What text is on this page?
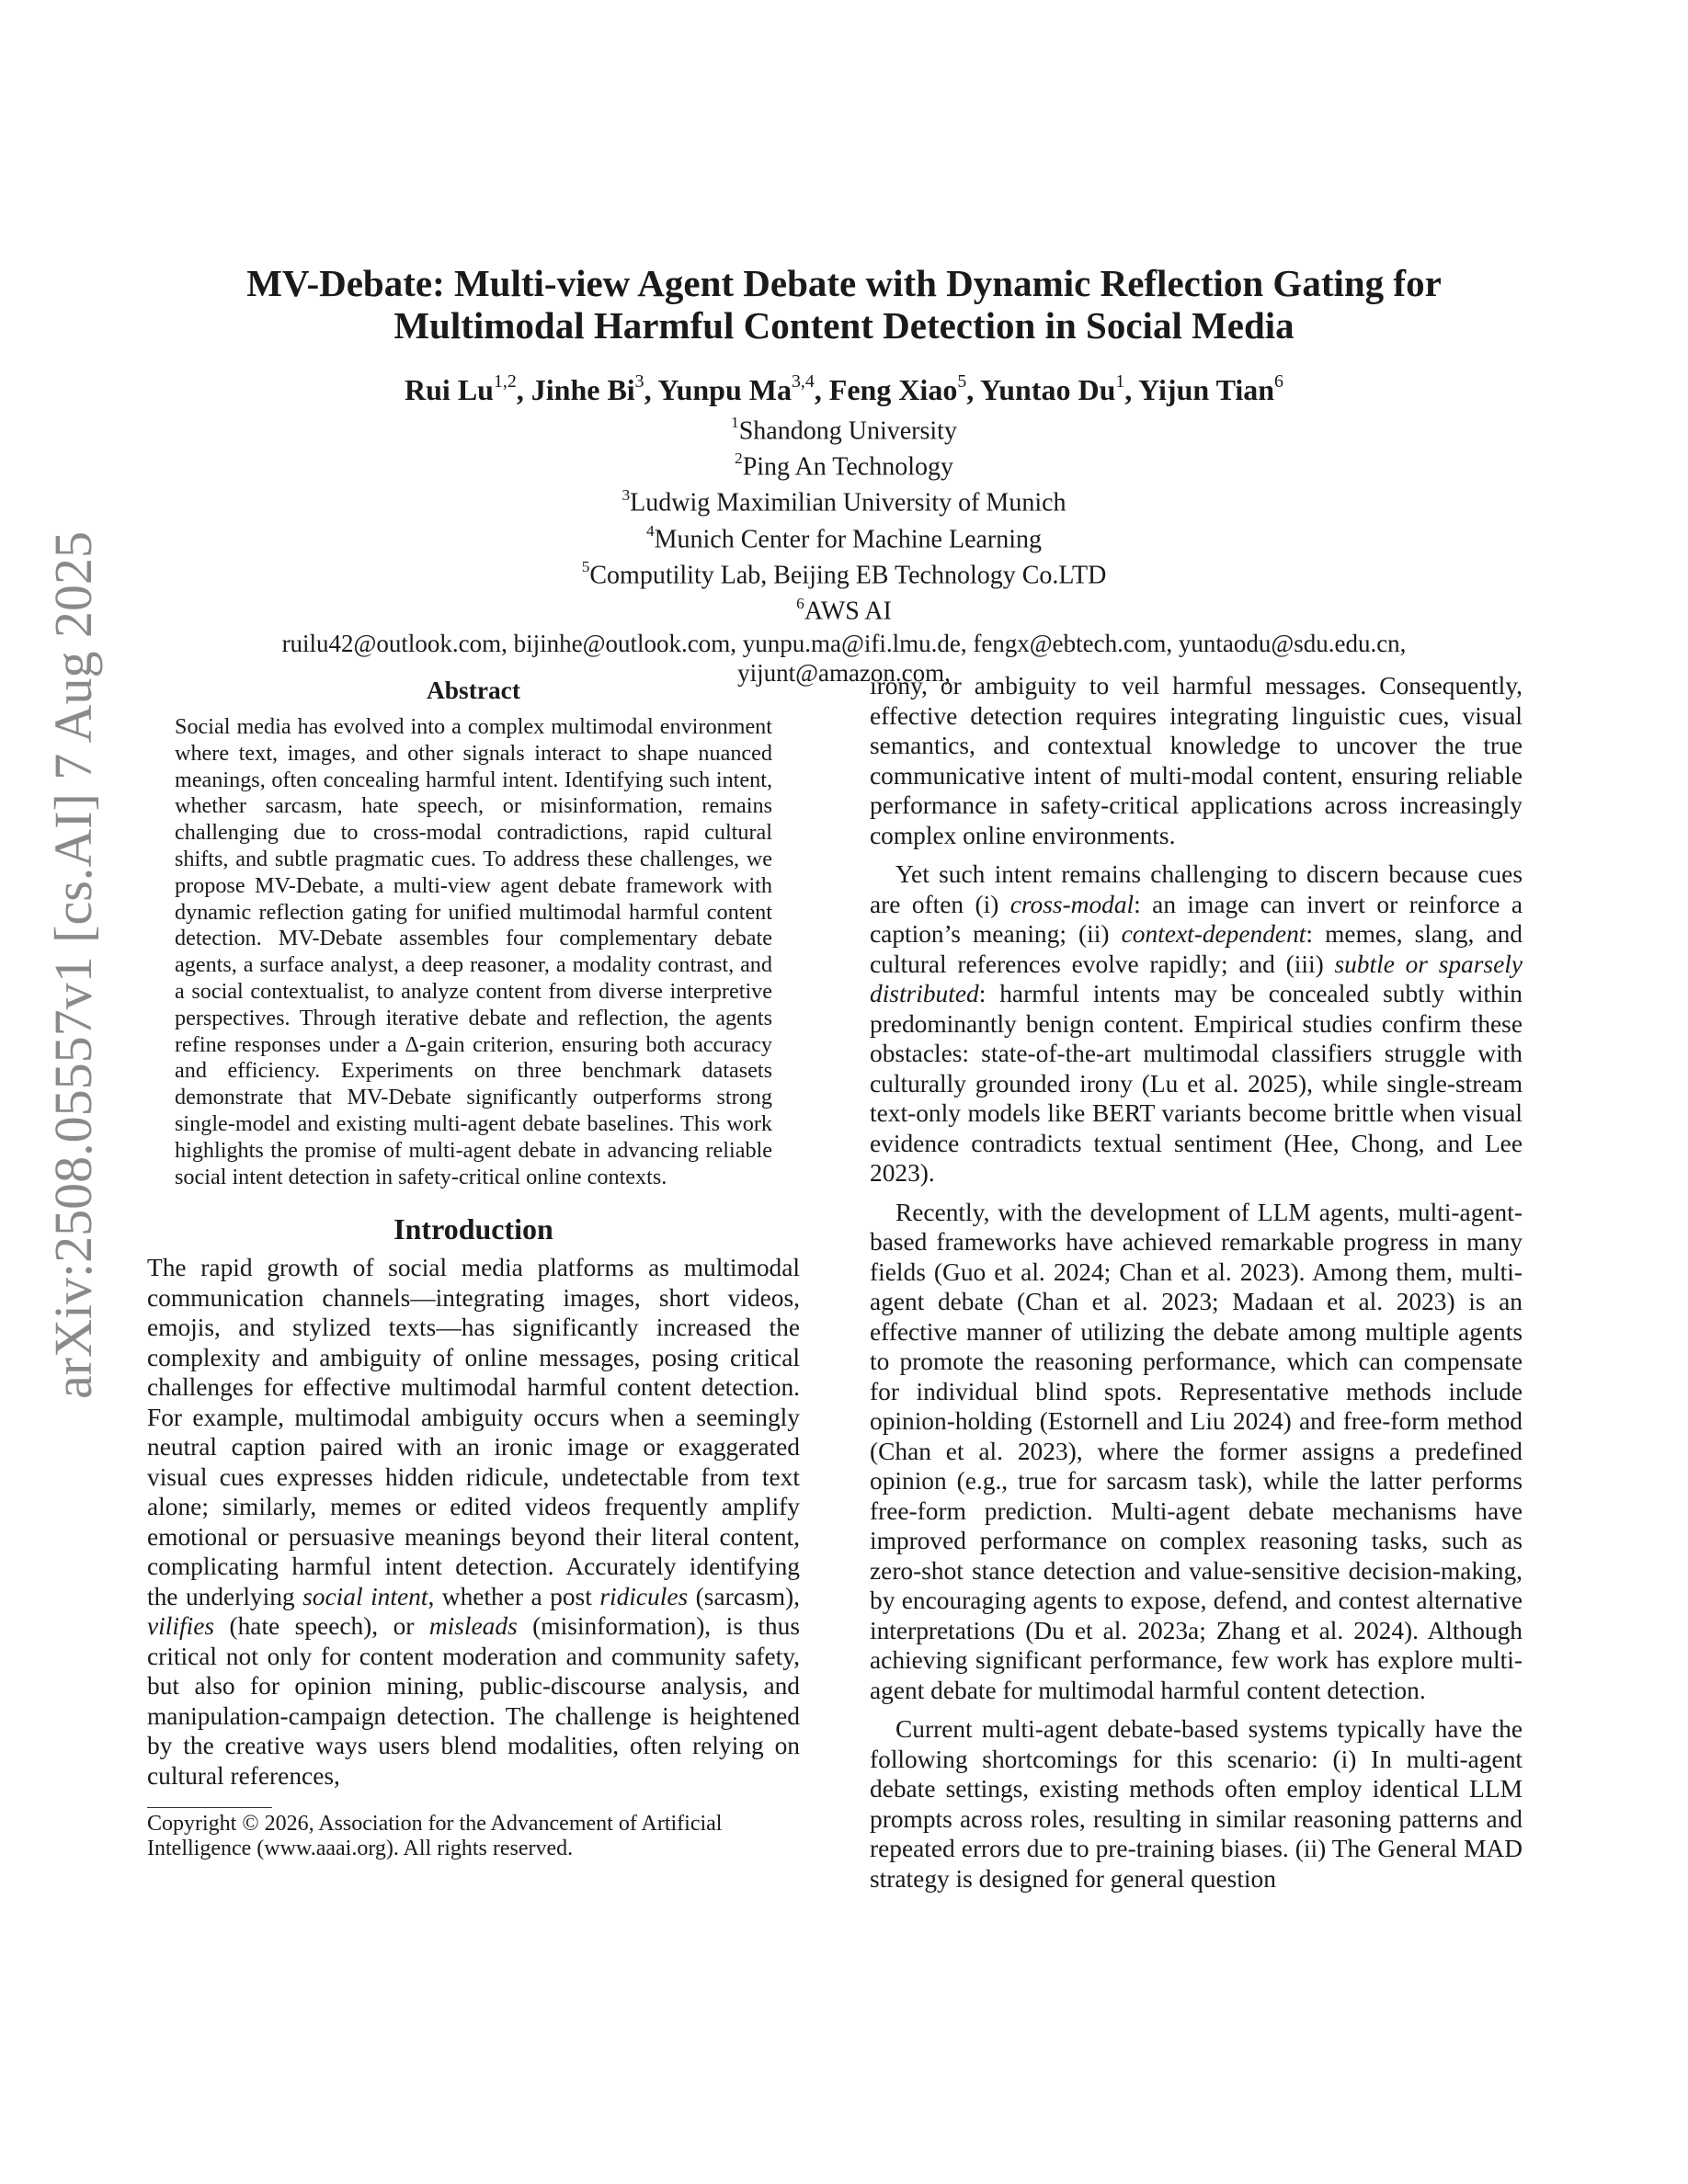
arXiv:2508.05557v1 [cs.AI] 7 Aug 2025
MV-Debate: Multi-view Agent Debate with Dynamic Reflection Gating for
Multimodal Harmful Content Detection in Social Media
Rui Lu$^{1,2}$, Jinhe Bi$^3$, Yunpu Ma$^{3,4}$, Feng Xiao$^5$, Yuntao Du$^1$, Yijun Tian$^6$
$^1$Shandong University
$^2$Ping An Technology
$^3$Ludwig Maximilian University of Munich
$^4$Munich Center for Machine Learning
$^5$Computility Lab, Beijing EB Technology Co.LTD
$^6$AWS AI
ruilu42@outlook.com, bijinhe@outlook.com, yunpu.ma@ifi.lmu.de, fengx@ebtech.com, yuntaodu@sdu.edu.cn,
yijunt@amazon.com,
Abstract

Social media has evolved into a complex multimodal environment where text, images, and other signals interact to shape nuanced meanings, often concealing harmful intent. Identifying such intent, whether sarcasm, hate speech, or misinformation, remains challenging due to cross-modal contradictions, rapid cultural shifts, and subtle pragmatic cues. To address these challenges, we propose MV-Debate, a multi-view agent debate framework with dynamic reflection gating for unified multimodal harmful content detection. MV-Debate assembles four complementary debate agents, a surface analyst, a deep reasoner, a modality contrast, and a social contextualist, to analyze content from diverse interpretive perspectives. Through iterative debate and reflection, the agents refine responses under a Δ-gain criterion, ensuring both accuracy and efficiency. Experiments on three benchmark datasets demonstrate that MV-Debate significantly outperforms strong single-model and existing multi-agent debate baselines. This work highlights the promise of multi-agent debate in advancing reliable social intent detection in safety-critical online contexts.

Introduction

The rapid growth of social media platforms as multimodal communication channels—integrating images, short videos, emojis, and stylized texts—has significantly increased the complexity and ambiguity of online messages, posing critical challenges for effective multimodal harmful content detection. For example, multimodal ambiguity occurs when a seemingly neutral caption paired with an ironic image or exaggerated visual cues expresses hidden ridicule, undetectable from text alone; similarly, memes or edited videos frequently amplify emotional or persuasive meanings beyond their literal content, complicating harmful intent detection. Accurately identifying the underlying social intent, whether a post ridicules (sarcasm), vilifies (hate speech), or misleads (misinformation), is thus critical not only for content moderation and community safety, but also for opinion mining, public-discourse analysis, and manipulation-campaign detection. The challenge is heightened by the creative ways users blend modalities, often relying on cultural references,

Copyright © 2026, Association for the Advancement of Artificial Intelligence (www.aaai.org). All rights reserved.

irony, or ambiguity to veil harmful messages. Consequently, effective detection requires integrating linguistic cues, visual semantics, and contextual knowledge to uncover the true communicative intent of multi-modal content, ensuring reliable performance in safety-critical applications across increasingly complex online environments.

Yet such intent remains challenging to discern because cues are often (i) cross-modal: an image can invert or reinforce a caption’s meaning; (ii) context-dependent: memes, slang, and cultural references evolve rapidly; and (iii) subtle or sparsely distributed: harmful intents may be concealed subtly within predominantly benign content. Empirical studies confirm these obstacles: state-of-the-art multimodal classifiers struggle with culturally grounded irony (Lu et al. 2025), while single-stream text-only models like BERT variants become brittle when visual evidence contradicts textual sentiment (Hee, Chong, and Lee 2023).

Recently, with the development of LLM agents, multi-agent-based frameworks have achieved remarkable progress in many fields (Guo et al. 2024; Chan et al. 2023). Among them, multi-agent debate (Chan et al. 2023; Madaan et al. 2023) is an effective manner of utilizing the debate among multiple agents to promote the reasoning performance, which can compensate for individual blind spots. Representative methods include opinion-holding (Estornell and Liu 2024) and free-form method (Chan et al. 2023), where the former assigns a predefined opinion (e.g., true for sarcasm task), while the latter performs free-form prediction. Multi-agent debate mechanisms have improved performance on complex reasoning tasks, such as zero-shot stance detection and value-sensitive decision-making, by encouraging agents to expose, defend, and contest alternative interpretations (Du et al. 2023a; Zhang et al. 2024). Although achieving significant performance, few work has explore multi-agent debate for multimodal harmful content detection.

Current multi-agent debate-based systems typically have the following shortcomings for this scenario: (i) In multi-agent debate settings, existing methods often employ identical LLM prompts across roles, resulting in similar reasoning patterns and repeated errors due to pre-training biases. (ii) The General MAD strategy is designed for general question
